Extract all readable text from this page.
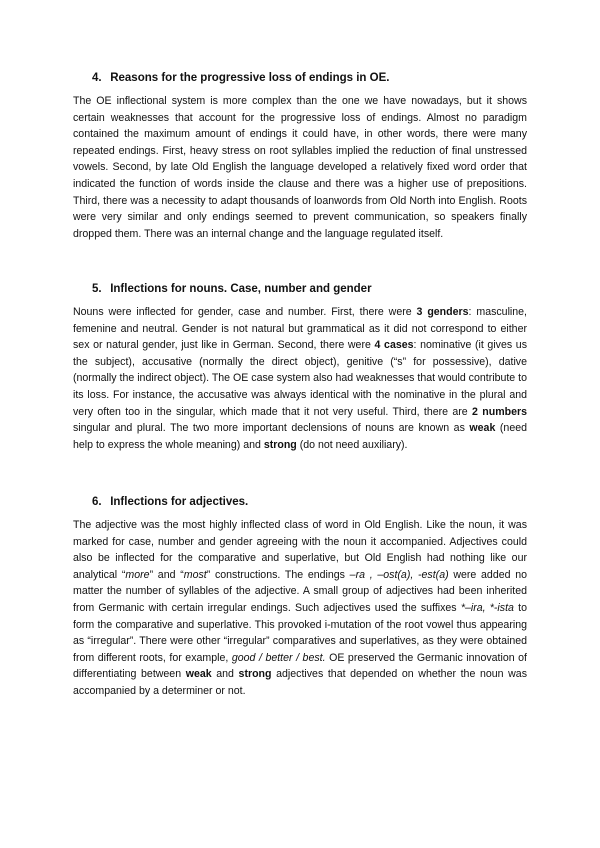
4. Reasons for the progressive loss of endings in OE.

The OE inflectional system is more complex than the one we have nowadays, but it shows certain weaknesses that account for the progressive loss of endings. Almost no paradigm contained the maximum amount of endings it could have, in other words, there were many repeated endings. First, heavy stress on root syllables implied the reduction of final unstressed vowels. Second, by late Old English the language developed a relatively fixed word order that indicated the function of words inside the clause and there was a higher use of prepositions. Third, there was a necessity to adapt thousands of loanwords from Old North into English. Roots were very similar and only endings seemed to prevent communication, so speakers finally dropped them. There was an internal change and the language regulated itself.

5. Inflections for nouns. Case, number and gender

Nouns were inflected for gender, case and number. First, there were 3 genders: masculine, femenine and neutral. Gender is not natural but grammatical as it did not correspond to either sex or natural gender, just like in German. Second, there were 4 cases: nominative (it gives us the subject), accusative (normally the direct object), genitive (“s” for possessive), dative (normally the indirect object). The OE case system also had weaknesses that would contribute to its loss. For instance, the accusative was always identical with the nominative in the plural and very often too in the singular, which made that it not very useful. Third, there are 2 numbers singular and plural. The two more important declensions of nouns are known as weak (need help to express the whole meaning) and strong (do not need auxiliary).

6. Inflections for adjectives.

The adjective was the most highly inflected class of word in Old English. Like the noun, it was marked for case, number and gender agreeing with the noun it accompanied. Adjectives could also be inflected for the comparative and superlative, but Old English had nothing like our analytical “more” and “most” constructions. The endings –ra , –ost(a), -est(a) were added no matter the number of syllables of the adjective. A small group of adjectives had been inherited from Germanic with certain irregular endings. Such adjectives used the suffixes *–ira, *-ista to form the comparative and superlative. This provoked i-mutation of the root vowel thus appearing as “irregular”. There were other “irregular” comparatives and superlatives, as they were obtained from different roots, for example, good / better / best. OE preserved the Germanic innovation of differentiating between weak and strong adjectives that depended on whether the noun was accompanied by a determiner or not.
